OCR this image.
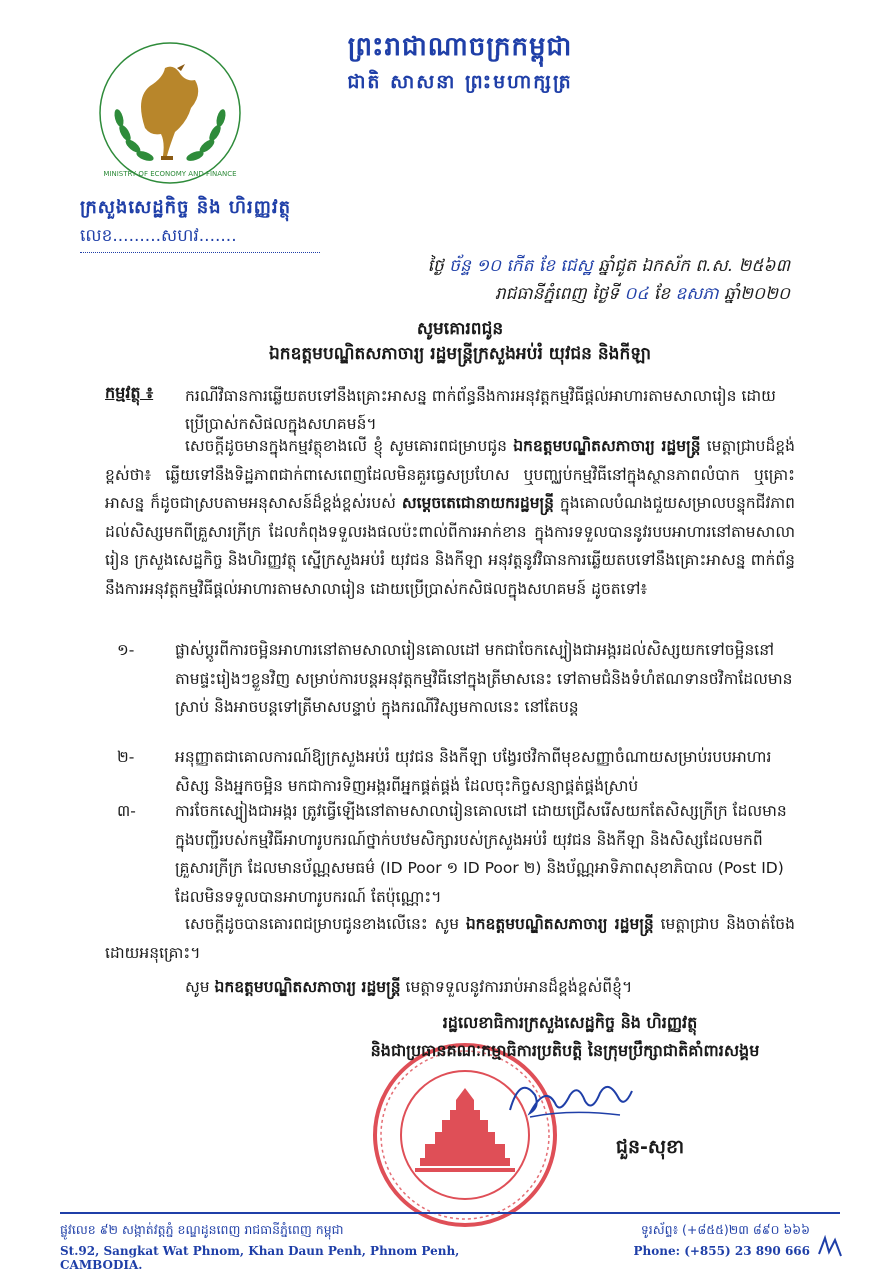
ព្រះរាជាណាចក្រកម្ពុជា
ជាតិ សាសនា ព្រះមហាក្សត្រ
MINISTRY OF ECONOMY AND FINANCE
ក្រសួងសេដ្ឋកិច្ច និង ហិរញ្ញវត្ថុ
លេខ.........សហវ.......
ថ្ងៃ ច័ន្ទ ១០ កើត ខែ ជេស្ឋ ឆ្នាំជូត ឯកស័ក ព.ស. ២៥៦៣
រាជធានីភ្នំពេញ ថ្ងៃទី ០៤ ខែ ឧសភា ឆ្នាំ២០២០
សូមគោរពជូន
ឯកឧត្តមបណ្ឌិតសភាចារ្យ រដ្ឋមន្ត្រីក្រសួងអប់រំ យុវជន និងកីឡា
កម្មវត្ថុ ៖ ករណីវិធានការឆ្លើយតបទៅនឹងគ្រោះអាសន្ន ពាក់ព័ន្ធនឹងការអនុវត្តកម្មវិធីផ្តល់អាហារតាមសាលារៀន ដោយប្រើប្រាស់កសិផលក្នុងសហគមន៍។
សេចក្តីដូចមានក្នុងកម្មវត្ថុខាងលើ ខ្ញុំ សូមគោរពជម្រាបជូន ឯកឧត្តមបណ្ឌិតសភាចារ្យ រដ្ឋមន្ត្រី មេត្តាជ្រាបដ៏ខ្ពង់ខ្ពស់ថា៖ ឆ្លើយទៅនឹងទិដ្ឋភាពជាក់ពាសេពេញដែលមិនគួរធ្វេសប្រហែស ឬបញ្ឈប់កម្មវិធីនៅក្នុងស្ថានភាពលំបាក ឬគ្រោះអាសន្ន ក៏ដូចជាស្របតាមអនុសាសន៍ដ៏ខ្ពង់ខ្ពស់របស់ សម្តេចតេជោនាយករដ្ឋមន្ត្រី ក្នុងគោលបំណងជួយសម្រាលបន្ទុកជីវភាពដល់សិស្សមកពីគ្រួសារក្រីក្រ ដែលកំពុងទទួលរងផលប៉ះពាល់ពីការអាក់ខាន ក្នុងការទទួលបាននូវរបបអាហារនៅតាមសាលារៀន ក្រសួងសេដ្ឋកិច្ច និងហិរញ្ញវត្ថុ ស្នើក្រសួងអប់រំ យុវជន និងកីឡា អនុវត្តនូវវិធានការឆ្លើយតបទៅនឹងគ្រោះអាសន្ន ពាក់ព័ន្ធនឹងការអនុវត្តកម្មវិធីផ្តល់អាហារតាមសាលារៀន ដោយប្រើប្រាស់កសិផលក្នុងសហគមន៍ ដូចតទៅ៖
១-	ផ្លាស់ប្តូរពីការចម្អិនអាហារនៅតាមសាលារៀនគោលដៅ មកជាចែកស្បៀងជាអង្ករដល់សិស្សយកទៅចម្អិននៅតាមផ្ទះរៀងៗខ្លួនវិញ សម្រាប់ការបន្តអនុវត្តកម្មវិធីនៅក្នុងត្រីមាសនេះ ទៅតាមជំនិងទំហំឥណទានថវិកាដែលមានស្រាប់ និងអាចបន្តទៅត្រីមាសបន្ទាប់ ក្នុងករណីវិស្សមកាលនេះ នៅតែបន្ត
២-	អនុញ្ញាតជាគោលការណ៍ឱ្យក្រសួងអប់រំ យុវជន និងកីឡា បង្វែរថវិកាពីមុខសញ្ញាចំណាយសម្រាប់របបអាហារសិស្ស និងអ្នកចម្អិន មកជាការទិញអង្ករពីអ្នកផ្គត់ផ្គង់ ដែលចុះកិច្ចសន្យាផ្គត់ផ្គង់ស្រាប់
៣-	ការចែកស្បៀងជាអង្ករ ត្រូវធ្វើឡើងនៅតាមសាលារៀនគោលដៅ ដោយជ្រើសរើសយកតែសិស្សក្រីក្រ ដែលមានក្នុងបញ្ជីរបស់កម្មវិធីអាហារូបករណ៍ថ្នាក់បឋមសិក្សារបស់ក្រសួងអប់រំ យុវជន និងកីឡា និងសិស្សដែលមកពីគ្រួសារក្រីក្រ ដែលមានប័ណ្ណសមធម៌ (ID Poor ១ ID Poor ២) និងប័ណ្ណអាទិភាពសុខាភិបាល (Post ID) ដែលមិនទទួលបានអាហារូបករណ៍ តែប៉ុណ្ណោះ។
សេចក្តីដូចបានគោរពជម្រាបជូនខាងលើនេះ សូម ឯកឧត្តមបណ្ឌិតសភាចារ្យ រដ្ឋមន្ត្រី មេត្តាជ្រាប និងចាត់ចែង ដោយអនុគ្រោះ។
សូម ឯកឧត្តមបណ្ឌិតសភាចារ្យ រដ្ឋមន្ត្រី មេត្តាទទួលនូវការរាប់អានដ៏ខ្ពង់ខ្ពស់ពីខ្ញុំ។
រដ្ឋលេខាធិការក្រសួងសេដ្ឋកិច្ច និង ហិរញ្ញវត្ថុ
និងជាប្រធានគណៈកម្មាធិការប្រតិបត្តិ នៃក្រុមប្រឹក្សាជាតិគាំពារសង្គម
ជួន-សុខា
ផ្លូវលេខ ៩២ សង្កាត់វត្តភ្នំ ខណ្ឌដូនពេញ រាជធានីភ្នំពេញ កម្ពុជា
St.92, Sangkat Wat Phnom, Khan Daun Penh, Phnom Penh, CAMBODIA.
ទូរស័ព្ទ៖ (+៨៥៥)២៣ ៨៩០ ៦៦៦
Phone: (+855) 23 890 666
